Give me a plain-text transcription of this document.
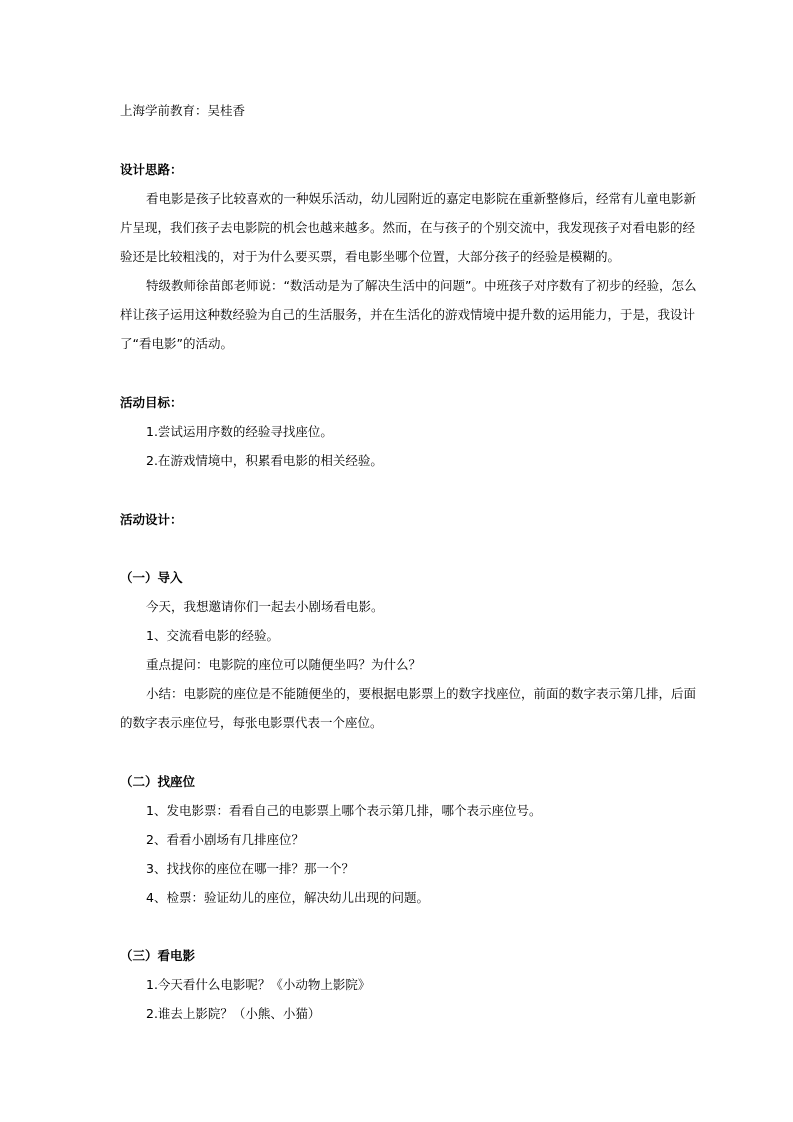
上海学前教育：吴桂香
设计思路：
看电影是孩子比较喜欢的一种娱乐活动，幼儿园附近的嘉定电影院在重新整修后，经常有儿童电影新
片呈现，我们孩子去电影院的机会也越来越多。然而，在与孩子的个别交流中，我发现孩子对看电影的经
验还是比较粗浅的，对于为什么要买票，看电影坐哪个位置，大部分孩子的经验是模糊的。
特级教师徐苗郎老师说：“数活动是为了解决生活中的问题”。中班孩子对序数有了初步的经验，怎么
样让孩子运用这种数经验为自己的生活服务，并在生活化的游戏情境中提升数的运用能力，于是，我设计
了“看电影”的活动。
活动目标：
1.尝试运用序数的经验寻找座位。
2.在游戏情境中，积累看电影的相关经验。
活动设计：
（一）导入
今天，我想邀请你们一起去小剧场看电影。
1、交流看电影的经验。
重点提问：电影院的座位可以随便坐吗？为什么？
小结：电影院的座位是不能随便坐的，要根据电影票上的数字找座位，前面的数字表示第几排，后面
的数字表示座位号，每张电影票代表一个座位。
（二）找座位
1、发电影票：看看自己的电影票上哪个表示第几排，哪个表示座位号。
2、看看小剧场有几排座位？
3、找找你的座位在哪一排？那一个？
4、检票：验证幼儿的座位，解决幼儿出现的问题。
（三）看电影
1.今天看什么电影呢？《小动物上影院》
2.谁去上影院？（小熊、小猫）
